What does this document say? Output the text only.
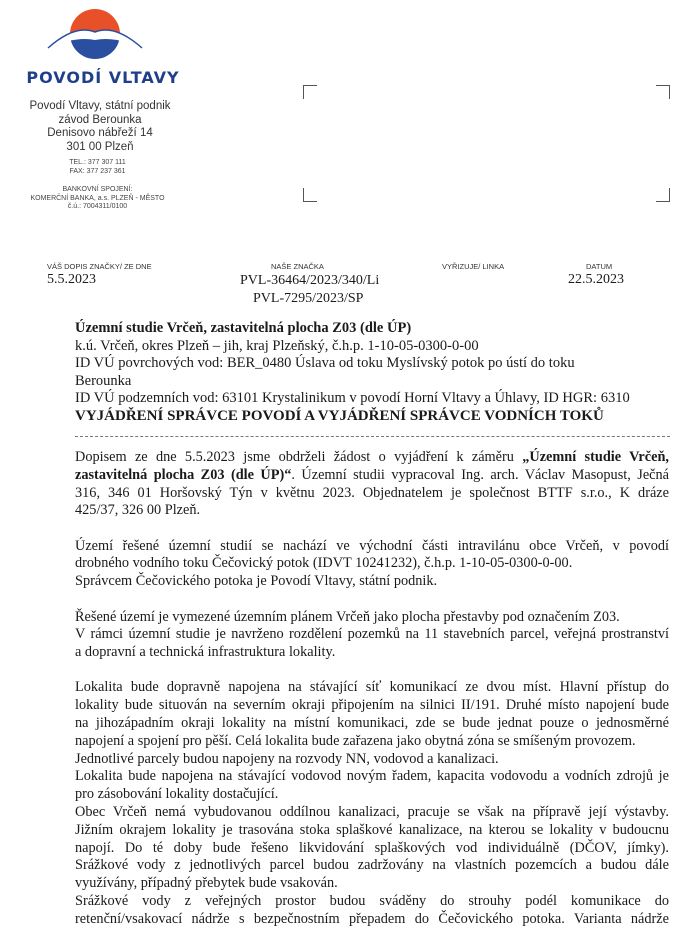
POVODÍ VLTAVY
Povodí Vltavy, státní podnik
závod Berounka
Denisovo nábřeží 14
301 00 Plzeň
TEL.: 377 307 111
FAX: 377 237 361
BANKOVNÍ SPOJENÍ:
KOMERČNÍ BANKA, a.s. PLZEŇ - MĚSTO
č.ú.: 7004311/0100
VÁŠ DOPIS ZNAČKY/ ZE DNE
5.5.2023
NAŠE ZNAČKA
PVL-36464/2023/340/Li
PVL-7295/2023/SP
VYŘIZUJE/ LINKA	DATUM
22.5.2023
Územní studie Vrčeň, zastavitelná plocha Z03 (dle ÚP)
k.ú. Vrčeň, okres Plzeň – jih, kraj Plzeňský, č.h.p. 1-10-05-0300-0-00
ID VÚ povrchových vod: BER_0480 Úslava od toku Myslívský potok po ústí do toku
Berounka
ID VÚ podzemních vod: 63101 Krystalinikum v povodí Horní Vltavy a Úhlavy, ID HGR: 6310
VYJÁDŘENÍ SPRÁVCE POVODÍ A VYJÁDŘENÍ SPRÁVCE VODNÍCH TOKŮ

Dopisem ze dne 5.5.2023 jsme obdrželi žádost o vyjádření k záměru „Územní studie Vrčeň,
zastavitelná plocha Z03 (dle ÚP)“. Územní studii vypracoval Ing. arch. Václav Masopust, Ječná
316, 346 01 Horšovský Týn v květnu 2023. Objednatelem je společnost BTTF s.r.o., K dráze
425/37, 326 00 Plzeň.

Území řešené územní studií se nachází ve východní části intravilánu obce Vrčeň, v povodí
drobného vodního toku Čečovický potok (IDVT 10241232), č.h.p. 1-10-05-0300-0-00.
Správcem Čečovického potoka je Povodí Vltavy, státní podnik.

Řešené území je vymezené územním plánem Vrčeň jako plocha přestavby pod označením Z03.
V rámci územní studie je navrženo rozdělení pozemků na 11 stavebních parcel, veřejná prostranství
a dopravní a technická infrastruktura lokality.

Lokalita bude dopravně napojena na stávající síť komunikací ze dvou míst. Hlavní přístup do
lokality bude situován na severním okraji připojením na silnici II/191. Druhé místo napojení bude
na jihozápadním okraji lokality na místní komunikaci, zde se bude jednat pouze o jednosměrné
napojení a spojení pro pěší. Celá lokalita bude zařazena jako obytná zóna se smíšeným provozem.
Jednotlivé parcely budou napojeny na rozvody NN, vodovod a kanalizaci.
Lokalita bude napojena na stávající vodovod novým řadem, kapacita vodovodu a vodních zdrojů je
pro zásobování lokality dostačující.
Obec Vrčeň nemá vybudovanou oddílnou kanalizaci, pracuje se však na přípravě její výstavby.
Jižním okrajem lokality je trasována stoka splaškové kanalizace, na kterou se lokality v budoucnu
napojí. Do té doby bude řešeno likvidování splaškových vod individuálně (DČOV, jímky).
Srážkové vody z jednotlivých parcel budou zadržovány na vlastních pozemcích a budou dále
využívány, případný přebytek bude vsakován.
Srážkové vody z veřejných prostor budou sváděny do strouhy podél komunikace do
retenční/vsakovací nádrže s bezpečnostním přepadem do Čečovického potoka. Varianta nádrže
